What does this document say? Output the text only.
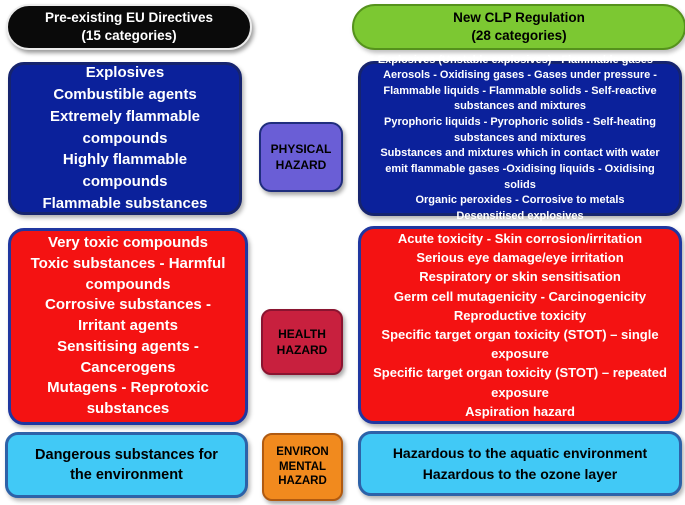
Pre-existing EU Directives
(15 categories)
New CLP Regulation
(28 categories)
Explosives
Combustible agents
Extremely flammable compounds
Highly flammable compounds
Flammable substances
PHYSICAL
HAZARD
Explosives (Unstable explosives) - Flammable gases – Aerosols - Oxidising gases - Gases under pressure - Flammable liquids - Flammable solids - Self-reactive substances and mixtures
Pyrophoric liquids - Pyrophoric solids - Self-heating substances and mixtures
Substances and mixtures which in contact with water emit flammable gases -Oxidising liquids - Oxidising solids
Organic peroxides - Corrosive to metals
Desensitised explosives
Very toxic compounds
Toxic substances - Harmful compounds
Corrosive substances - Irritant agents
Sensitising agents - Cancerogens
Mutagens - Reprotoxic substances
HEALTH
HAZARD
Acute toxicity - Skin corrosion/irritation
Serious eye damage/eye irritation
Respiratory or skin sensitisation
Germ cell mutagenicity - Carcinogenicity
Reproductive toxicity
Specific target organ toxicity (STOT) – single exposure
Specific target organ toxicity (STOT) – repeated exposure
Aspiration hazard
Dangerous substances for the environment
ENVIRON
MENTAL
HAZARD
Hazardous to the aquatic environment
Hazardous to the ozone layer
